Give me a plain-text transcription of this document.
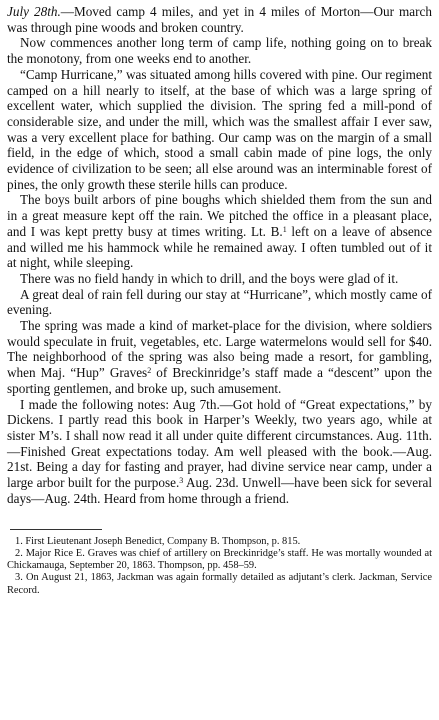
July 28th.—Moved camp 4 miles, and yet in 4 miles of Morton—Our march was through pine woods and broken country.

Now commences another long term of camp life, nothing going on to break the monotony, from one weeks end to another.

“Camp Hurricane,” was situated among hills covered with pine. Our regiment camped on a hill nearly to itself, at the base of which was a large spring of excellent water, which supplied the division. The spring fed a mill-pond of considerable size, and under the mill, which was the smallest affair I ever saw, was a very excellent place for bathing. Our camp was on the margin of a small field, in the edge of which, stood a small cabin made of pine logs, the only evidence of civilization to be seen; all else around was an interminable forest of pines, the only growth these sterile hills can produce.

The boys built arbors of pine boughs which shielded them from the sun and in a great measure kept off the rain. We pitched the office in a pleasant place, and I was kept pretty busy at times writing. Lt. B.$^1$ left on a leave of absence and willed me his hammock while he remained away. I often tumbled out of it at night, while sleeping.

There was no field handy in which to drill, and the boys were glad of it.

A great deal of rain fell during our stay at “Hurricane”, which mostly came of evening.

The spring was made a kind of market-place for the division, where soldiers would speculate in fruit, vegetables, etc. Large watermelons would sell for $40. The neighborhood of the spring was also being made a resort, for gambling, when Maj. “Hup” Graves$^2$ of Breckinridge’s staff made a “descent” upon the sporting gentlemen, and broke up, such amusement.

I made the following notes: Aug 7th.—Got hold of “Great expectations,” by Dickens. I partly read this book in Harper’s Weekly, two years ago, while at sister M’s. I shall now read it all under quite different circumstances. Aug. 11th.—Finished Great expectations today. Am well pleased with the book.—Aug. 21st. Being a day for fasting and prayer, had divine service near camp, under a large arbor built for the purpose.$^3$ Aug. 23d. Unwell—have been sick for several days—Aug. 24th. Heard from home through a friend.

1. First Lieutenant Joseph Benedict, Company B. Thompson, p. 815.

2. Major Rice E. Graves was chief of artillery on Breckinridge’s staff. He was mortally wounded at Chickamauga, September 20, 1863. Thompson, pp. 458–59.

3. On August 21, 1863, Jackman was again formally detailed as adjutant’s clerk. Jackman, Service Record.
